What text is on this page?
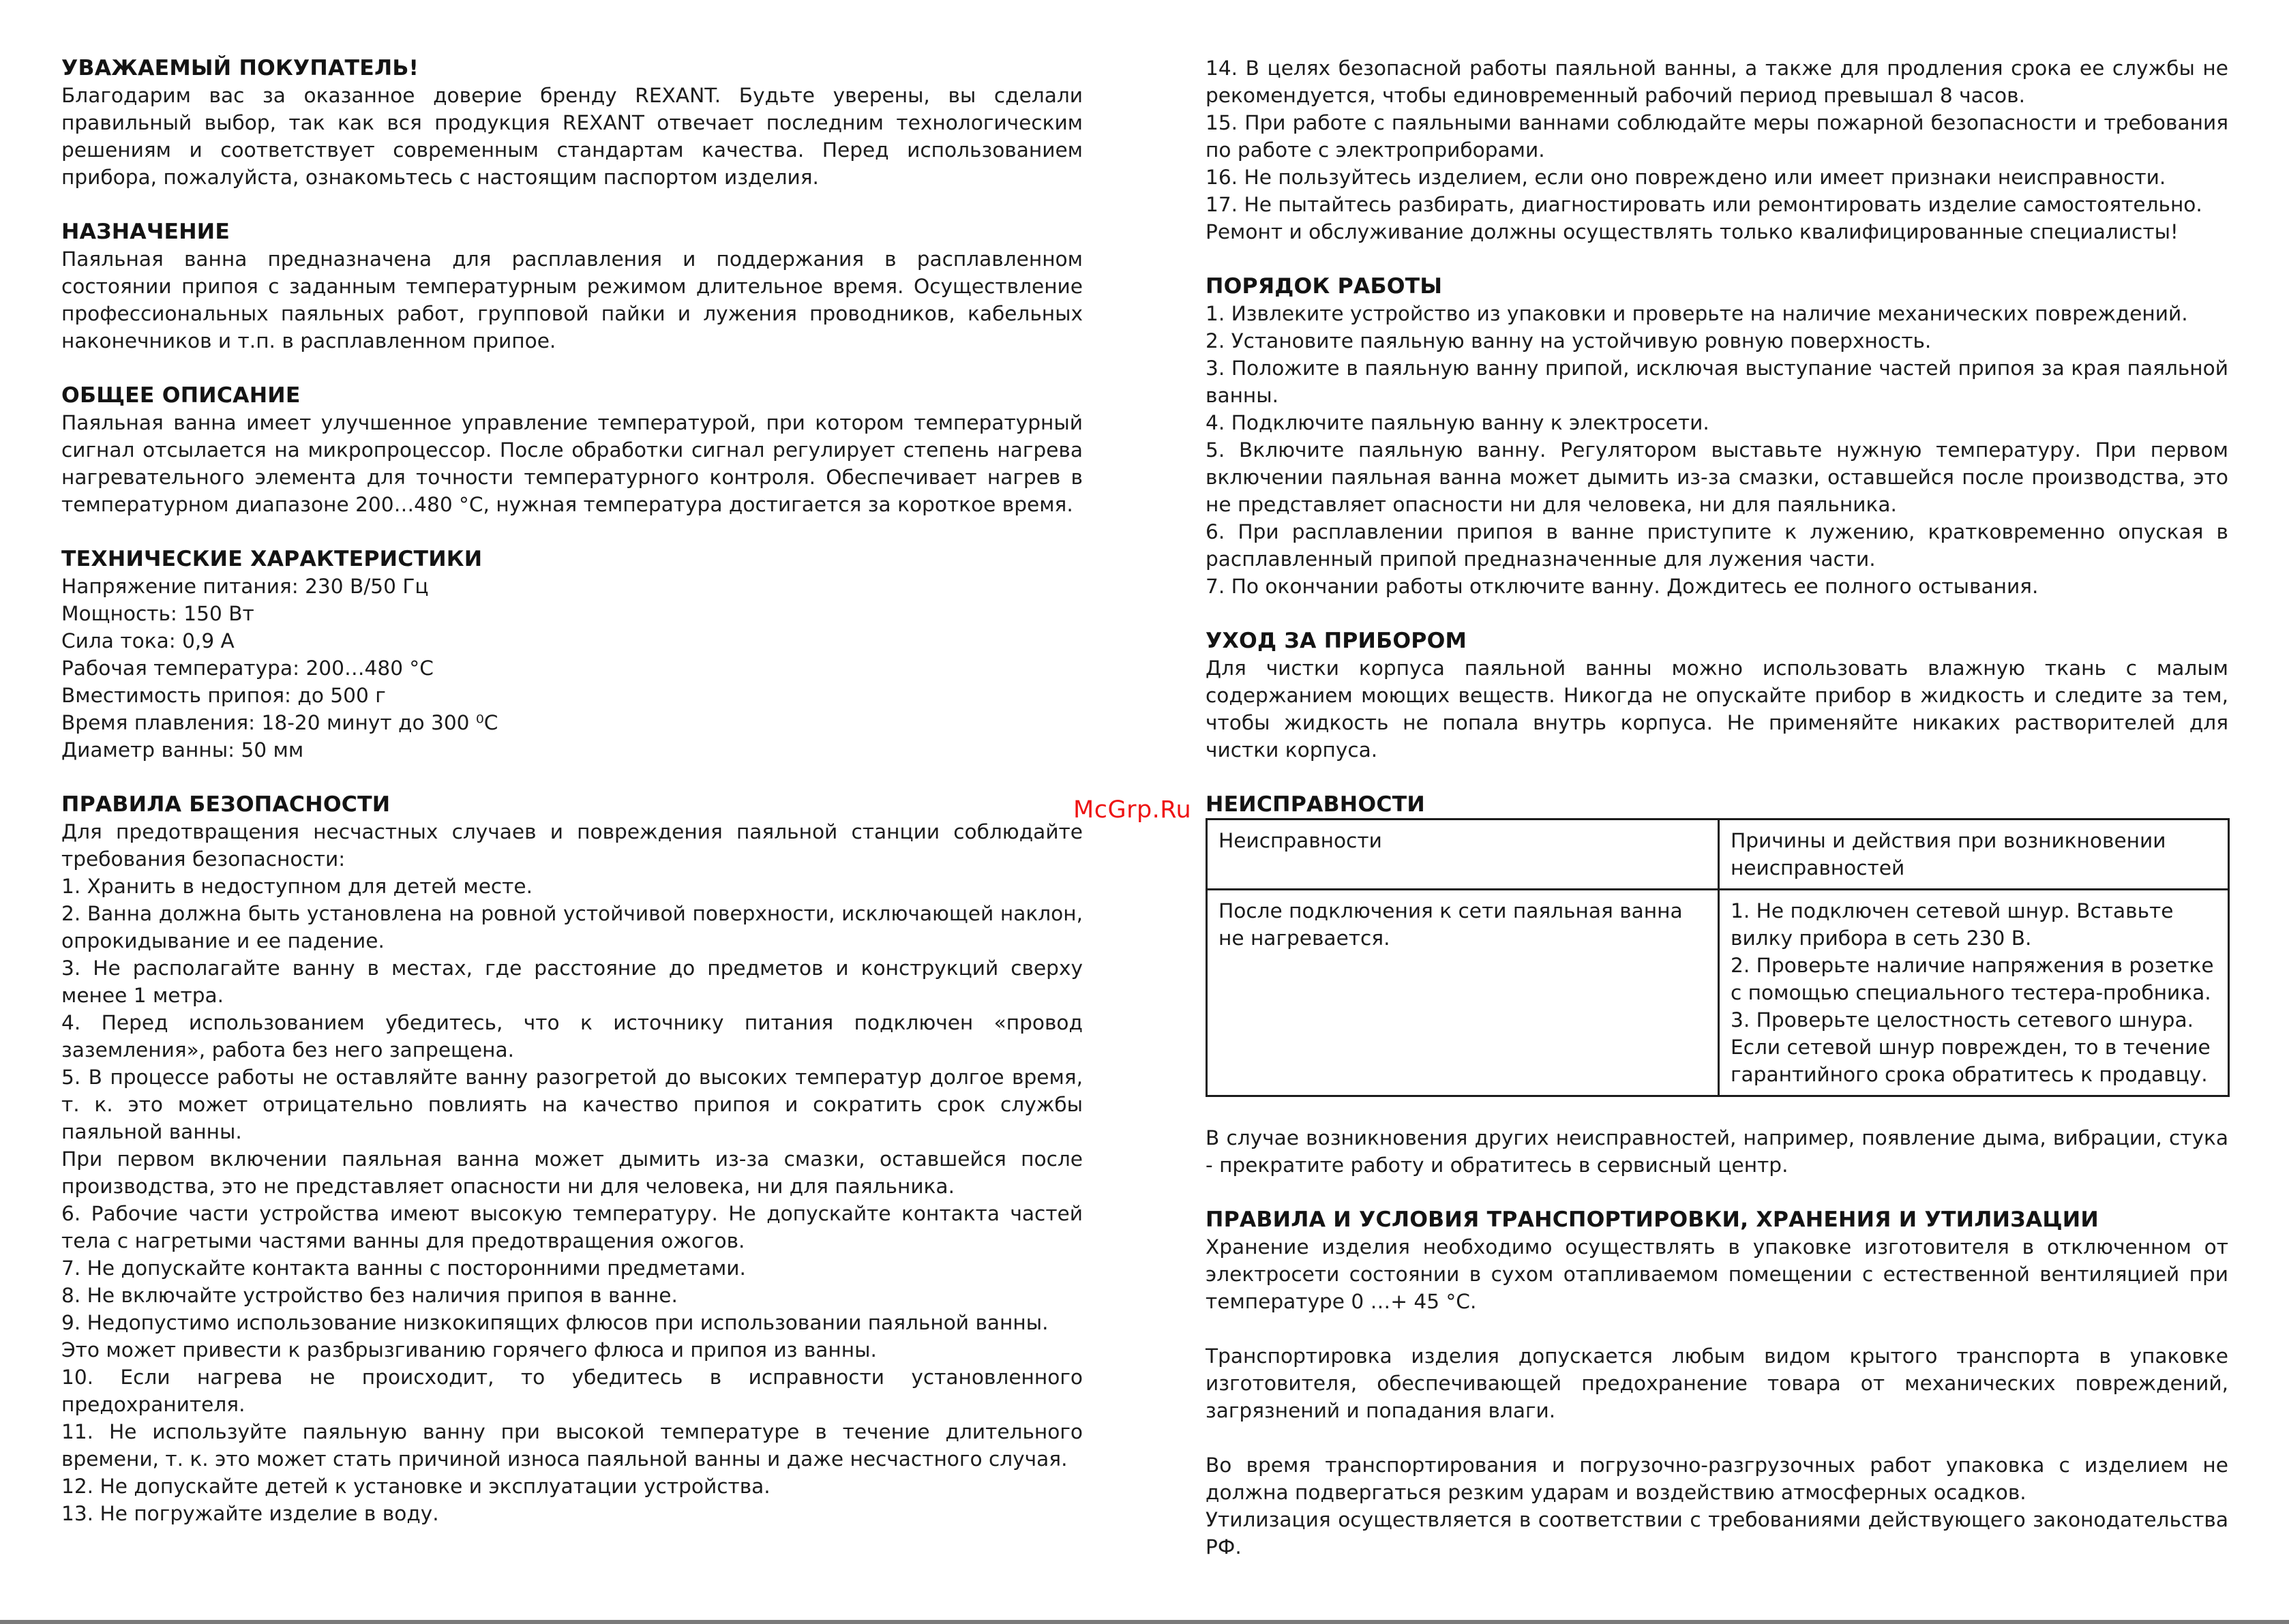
УВАЖАЕМЫЙ ПОКУПАТЕЛЬ!

Благодарим вас за оказанное доверие бренду REXANT. Будьте уверены, вы сделали правильный выбор, так как вся продукция REXANT отвечает последним технологическим решениям и соответствует современным стандартам качества. Перед использованием прибора, пожалуйста, ознакомьтесь с настоящим паспортом изделия.

НАЗНАЧЕНИЕ

Паяльная ванна предназначена для расплавления и поддержания в расплавленном состоянии припоя с заданным температурным режимом длительное время. Осуществление профессиональных паяльных работ, групповой пайки и лужения проводников, кабельных наконечников и т.п. в расплавленном припое.

ОБЩЕЕ ОПИСАНИЕ

Паяльная ванна имеет улучшенное управление температурой, при котором температурный сигнал отсылается на микропроцессор. После обработки сигнал регулирует степень нагрева нагревательного элемента для точности температурного контроля. Обеспечивает нагрев в температурном диапазоне 200…480 °С, нужная температура достигается за короткое время.

ТЕХНИЧЕСКИЕ ХАРАКТЕРИСТИКИ

Напряжение питания: 230 В/50 Гц

Мощность: 150 Вт

Сила тока: 0,9 А

Рабочая температура: 200…480 °С

Вместимость припоя: до 500 г

Время плавления: 18-20 минут до 300 ⁰С

Диаметр ванны: 50 мм

ПРАВИЛА БЕЗОПАСНОСТИ

Для предотвращения несчастных случаев и повреждения паяльной станции соблюдайте требования безопасности:

1. Хранить в недоступном для детей месте.

2. Ванна должна быть установлена на ровной устойчивой поверхности, исключающей наклон, опрокидывание и ее падение.

3. Не располагайте ванну в местах, где расстояние до предметов и конструкций сверху менее 1 метра.

4. Перед использованием убедитесь, что к источнику питания подключен «провод заземления», работа без него запрещена.

5. В процессе работы не оставляйте ванну разогретой до высоких температур долгое время, т. к. это может отрицательно повлиять на качество припоя и сократить срок службы паяльной ванны.

При первом включении паяльная ванна может дымить из-за смазки, оставшейся после производства, это не представляет опасности ни для человека, ни для паяльника.

6. Рабочие части устройства имеют высокую температуру. Не допускайте контакта частей тела с нагретыми частями ванны для предотвращения ожогов.

7. Не допускайте контакта ванны с посторонними предметами.

8. Не включайте устройство без наличия припоя в ванне.

9. Недопустимо использование низкокипящих флюсов при использовании паяльной ванны.

Это может привести к разбрызгиванию горячего флюса и припоя из ванны.

10. Если нагрева не происходит, то убедитесь в исправности установленного предохранителя.

11. Не используйте паяльную ванну при высокой температуре в течение длительного времени, т. к. это может стать причиной износа паяльной ванны и даже несчастного случая.

12. Не допускайте детей к установке и эксплуатации устройства.

13. Не погружайте изделие в воду.

14. В целях безопасной работы паяльной ванны, а также для продления срока ее службы не рекомендуется, чтобы единовременный рабочий период превышал 8 часов.

15. При работе с паяльными ваннами соблюдайте меры пожарной безопасности и требования по работе с электроприборами.

16. Не пользуйтесь изделием, если оно повреждено или имеет признаки неисправности.

17. Не пытайтесь разбирать, диагностировать или ремонтировать изделие самостоятельно.

Ремонт и обслуживание должны осуществлять только квалифицированные специалисты!

ПОРЯДОК РАБОТЫ

1. Извлеките устройство из упаковки и проверьте на наличие механических повреждений.

2. Установите паяльную ванну на устойчивую ровную поверхность.

3. Положите в паяльную ванну припой, исключая выступание частей припоя за края паяльной ванны.

4. Подключите паяльную ванну к электросети.

5. Включите паяльную ванну. Регулятором выставьте нужную температуру. При первом включении паяльная ванна может дымить из-за смазки, оставшейся после производства, это не представляет опасности ни для человека, ни для паяльника.

6. При расплавлении припоя в ванне приступите к лужению, кратковременно опуская в расплавленный припой предназначенные для лужения части.

7. По окончании работы отключите ванну. Дождитесь ее полного остывания.

УХОД ЗА ПРИБОРОМ

Для чистки корпуса паяльной ванны можно использовать влажную ткань с малым содержанием моющих веществ. Никогда не опускайте прибор в жидкость и следите за тем, чтобы жидкость не попала внутрь корпуса. Не применяйте никаких растворителей для чистки корпуса.

НЕИСПРАВНОСТИ
Неисправности	Причины и действия при возникновении неисправностей
После подключения к сети паяльная ванна не нагревается.	1. Не подключен сетевой шнур. Вставьте вилку прибора в сеть 230 В.
2. Проверьте наличие напряжения в розетке с помощью специального тестера-пробника.
3. Проверьте целостность сетевого шнура.
Если сетевой шнур поврежден, то в течение гарантийного срока обратитесь к продавцу.

В случае возникновения других неисправностей, например, появление дыма, вибрации, стука - прекратите работу и обратитесь в сервисный центр.

ПРАВИЛА И УСЛОВИЯ ТРАНСПОРТИРОВКИ, ХРАНЕНИЯ И УТИЛИЗАЦИИ

Хранение изделия необходимо осуществлять в упаковке изготовителя в отключенном от электросети состоянии в сухом отапливаемом помещении с естественной вентиляцией при температуре 0 …+ 45 °С.

Транспортировка изделия допускается любым видом крытого транспорта в упаковке изготовителя, обеспечивающей предохранение товара от механических повреждений, загрязнений и попадания влаги.

Во время транспортирования и погрузочно-разгрузочных работ упаковка с изделием не должна подвергаться резким ударам и воздействию атмосферных осадков.

Утилизация осуществляется в соответствии с требованиями действующего законодательства РФ.

McGrp.Ru
